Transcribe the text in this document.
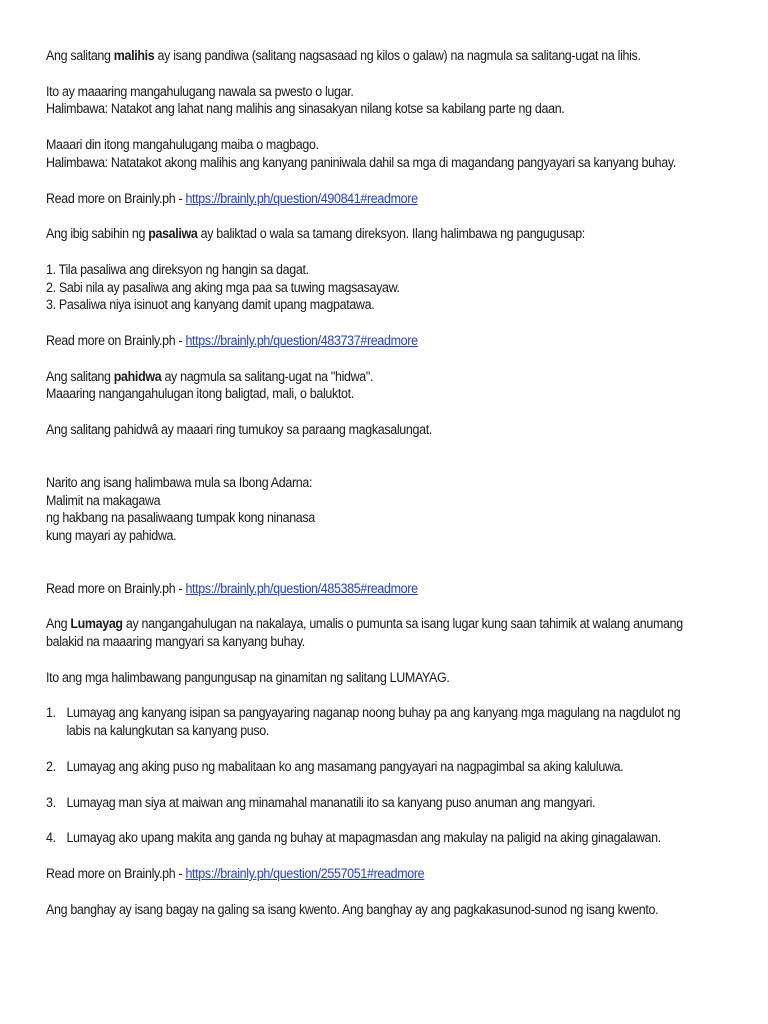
Ang salitang malihis ay isang pandiwa (salitang nagsasaad ng kilos o galaw) na nagmula sa salitang-ugat na lihis.
Ito ay maaaring mangahulugang nawala sa pwesto o lugar.
Halimbawa: Natakot ang lahat nang malihis ang sinasakyan nilang kotse sa kabilang parte ng daan.
Maaari din itong mangahulugang maiba o magbago.
Halimbawa: Natatakot akong malihis ang kanyang paniniwala dahil sa mga di magandang pangyayari sa kanyang buhay.
Read more on Brainly.ph - https://brainly.ph/question/490841#readmore
Ang ibig sabihin ng pasaliwa ay baliktad o wala sa tamang direksyon. Ilang halimbawa ng pangugusap:
1. Tila pasaliwa ang direksyon ng hangin sa dagat.
2. Sabi nila ay pasaliwa ang aking mga paa sa tuwing magsasayaw.
3. Pasaliwa niya isinuot ang kanyang damit upang magpatawa.
Read more on Brainly.ph - https://brainly.ph/question/483737#readmore
Ang salitang pahidwa ay nagmula sa salitang-ugat na "hidwa".
Maaaring nangangahulugan itong baligtad, mali, o baluktot.
Ang salitang pahidwâ ay maaari ring tumukoy sa paraang magkasalungat.
Narito ang isang halimbawa mula sa Ibong Adarna:
Malimit na makagawa
ng hakbang na pasaliwaang tumpak kong ninanasa
kung mayari ay pahidwa.
Read more on Brainly.ph - https://brainly.ph/question/485385#readmore
Ang Lumayag ay nangangahulugan na nakalaya, umalis o pumunta sa isang lugar kung saan tahimik at walang anumang
balakid na maaaring mangyari sa kanyang buhay.
Ito ang mga halimbawang pangungusap na ginamitan ng salitang LUMAYAG.
1. Lumayag ang kanyang isipan sa pangyayaring naganap noong buhay pa ang kanyang mga magulang na nagdulot ng
labis na kalungkutan sa kanyang puso.
2. Lumayag ang aking puso ng mabalitaan ko ang masamang pangyayari na nagpagimbal sa aking kaluluwa.
3. Lumayag man siya at maiwan ang minamahal mananatili ito sa kanyang puso anuman ang mangyari.
4. Lumayag ako upang makita ang ganda ng buhay at mapagmasdan ang makulay na paligid na aking ginagalawan.
Read more on Brainly.ph - https://brainly.ph/question/2557051#readmore
Ang banghay ay isang bagay na galing sa isang kwento. Ang banghay ay ang pagkakasunod-sunod ng isang kwento.
